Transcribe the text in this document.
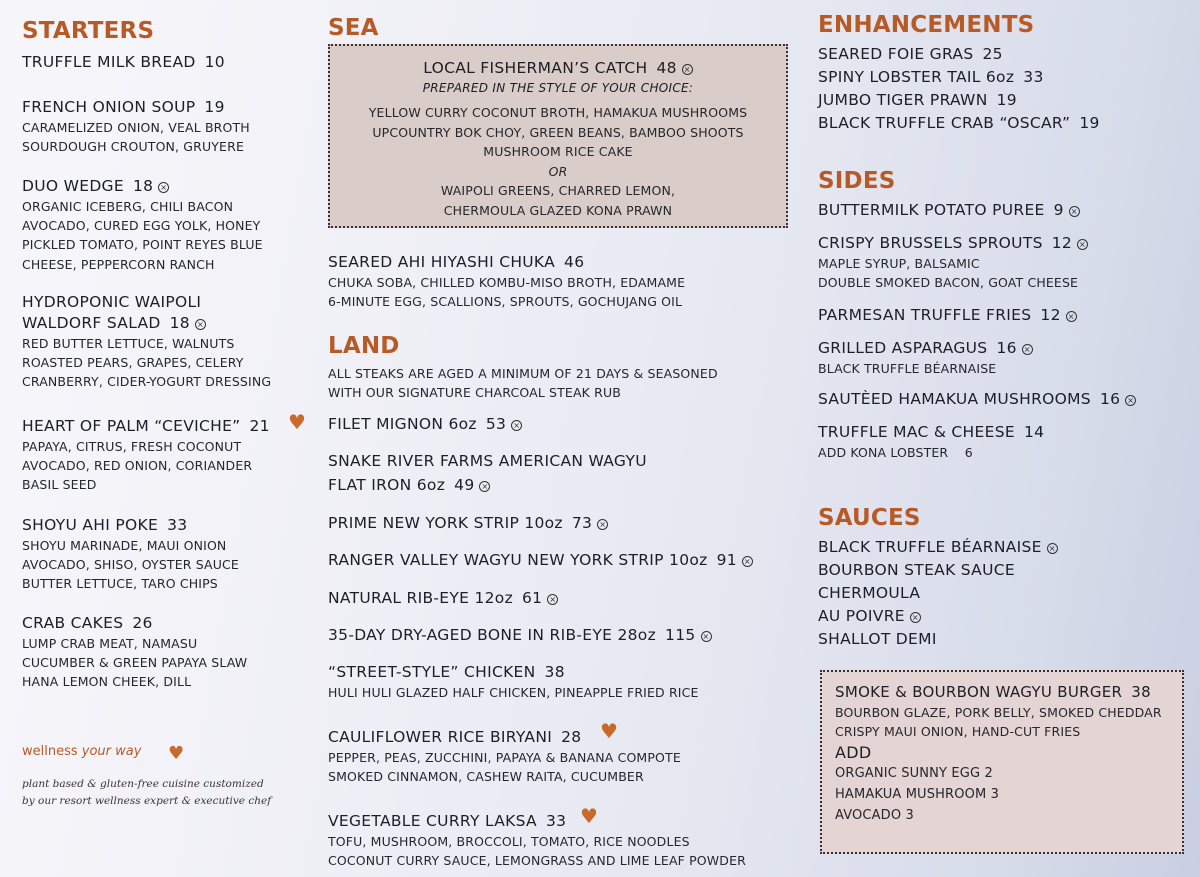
STARTERS
TRUFFLE MILK BREAD 10
FRENCH ONION SOUP 19
CARAMELIZED ONION, VEAL BROTH
SOURDOUGH CROUTON, GRUYERE
DUO WEDGE 18 ×
ORGANIC ICEBERG, CHILI BACON
AVOCADO, CURED EGG YOLK, HONEY
PICKLED TOMATO, POINT REYES BLUE
CHEESE, PEPPERCORN RANCH
HYDROPONIC WAIPOLI
WALDORF SALAD 18 ×
RED BUTTER LETTUCE, WALNUTS
ROASTED PEARS, GRAPES, CELERY
CRANBERRY, CIDER-YOGURT DRESSING
HEART OF PALM “CEVICHE” 21
PAPAYA, CITRUS, FRESH COCONUT
AVOCADO, RED ONION, CORIANDER
BASIL SEED
♥
SHOYU AHI POKE 33
SHOYU MARINADE, MAUI ONION
AVOCADO, SHISO, OYSTER SAUCE
BUTTER LETTUCE, TARO CHIPS
CRAB CAKES 26
LUMP CRAB MEAT, NAMASU
CUCUMBER & GREEN PAPAYA SLAW
HANA LEMON CHEEK, DILL
wellness your way ♥
plant based & gluten-free cuisine customized
by our resort wellness expert & executive chef
SEA
LOCAL FISHERMAN’S CATCH 48 ×
PREPARED IN THE STYLE OF YOUR CHOICE:
YELLOW CURRY COCONUT BROTH, HAMAKUA MUSHROOMS
UPCOUNTRY BOK CHOY, GREEN BEANS, BAMBOO SHOOTS
MUSHROOM RICE CAKE
OR
WAIPOLI GREENS, CHARRED LEMON,
CHERMOULA GLAZED KONA PRAWN
SEARED AHI HIYASHI CHUKA 46
CHUKA SOBA, CHILLED KOMBU-MISO BROTH, EDAMAME
6-MINUTE EGG, SCALLIONS, SPROUTS, GOCHUJANG OIL
LAND
ALL STEAKS ARE AGED A MINIMUM OF 21 DAYS & SEASONED
WITH OUR SIGNATURE CHARCOAL STEAK RUB
FILET MIGNON 6oz 53 ×
SNAKE RIVER FARMS AMERICAN WAGYU
FLAT IRON 6oz 49 ×
PRIME NEW YORK STRIP 10oz 73 ×
RANGER VALLEY WAGYU NEW YORK STRIP 10oz 91 ×
NATURAL RIB-EYE 12oz 61 ×
35-DAY DRY-AGED BONE IN RIB-EYE 28oz 115 ×
“STREET-STYLE” CHICKEN 38
HULI HULI GLAZED HALF CHICKEN, PINEAPPLE FRIED RICE
CAULIFLOWER RICE BIRYANI 28
PEPPER, PEAS, ZUCCHINI, PAPAYA & BANANA COMPOTE
SMOKED CINNAMON, CASHEW RAITA, CUCUMBER
♥
VEGETABLE CURRY LAKSA 33
TOFU, MUSHROOM, BROCCOLI, TOMATO, RICE NOODLES
COCONUT CURRY SAUCE, LEMONGRASS AND LIME LEAF POWDER
♥
ENHANCEMENTS
SEARED FOIE GRAS 25
SPINY LOBSTER TAIL 6oz 33
JUMBO TIGER PRAWN 19
BLACK TRUFFLE CRAB “OSCAR” 19
SIDES
BUTTERMILK POTATO PUREE 9 ×
CRISPY BRUSSELS SPROUTS 12 ×
MAPLE SYRUP, BALSAMIC
DOUBLE SMOKED BACON, GOAT CHEESE
PARMESAN TRUFFLE FRIES 12 ×
GRILLED ASPARAGUS 16 ×
BLACK TRUFFLE BÉARNAISE
SAUTÈED HAMAKUA MUSHROOMS 16 ×
TRUFFLE MAC & CHEESE 14
ADD KONA LOBSTER    6
SAUCES
BLACK TRUFFLE BÉARNAISE ×
BOURBON STEAK SAUCE
CHERMOULA
AU POIVRE ×
SHALLOT DEMI
SMOKE & BOURBON WAGYU BURGER 38
BOURBON GLAZE, PORK BELLY, SMOKED CHEDDAR
CRISPY MAUI ONION, HAND-CUT FRIES
ADD
ORGANIC SUNNY EGG 2
HAMAKUA MUSHROOM 3
AVOCADO 3
